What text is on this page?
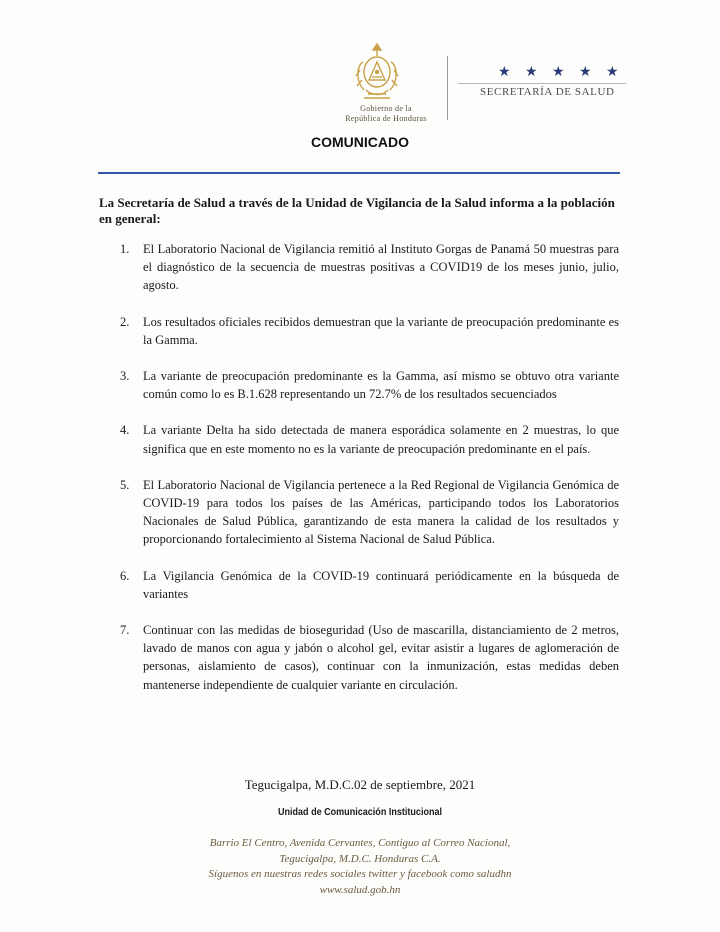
Gobierno de la
República de Honduras
★ ★ ★ ★ ★
SECRETARÍA DE SALUD
COMUNICADO
La Secretaría de Salud a través de la Unidad de Vigilancia de la Salud informa a la población en general:
1. El Laboratorio Nacional de Vigilancia remitió al Instituto Gorgas de Panamá 50 muestras para el diagnóstico de la secuencia de muestras positivas a COVID19 de los meses junio, julio, agosto.
2. Los resultados oficiales recibidos demuestran que la variante de preocupación predominante es la Gamma.
3. La variante de preocupación predominante es la Gamma, así mismo se obtuvo otra variante común como lo es B.1.628 representando un 72.7% de los resultados secuenciados
4. La variante Delta ha sido detectada de manera esporádica solamente en 2 muestras, lo que significa que en este momento no es la variante de preocupación predominante en el país.
5. El Laboratorio Nacional de Vigilancia pertenece a la Red Regional de Vigilancia Genómica de COVID-19 para todos los países de las Américas, participando todos los Laboratorios Nacionales de Salud Pública, garantizando de esta manera la calidad de los resultados y proporcionando fortalecimiento al Sistema Nacional de Salud Pública.
6. La Vigilancia Genómica de la COVID-19 continuará periódicamente en la búsqueda de variantes
7. Continuar con las medidas de bioseguridad (Uso de mascarilla, distanciamiento de 2 metros, lavado de manos con agua y jabón o alcohol gel, evitar asistir a lugares de aglomeración de personas, aislamiento de casos), continuar con la inmunización, estas medidas deben mantenerse independiente de cualquier variante en circulación.
Tegucigalpa, M.D.C.02 de septiembre, 2021
Unidad de Comunicación Institucional
Barrio El Centro, Avenida Cervantes, Contiguo al Correo Nacional,
Tegucigalpa, M.D.C. Honduras C.A.
Síguenos en nuestras redes sociales twitter y facebook como saludhn
www.salud.gob.hn
